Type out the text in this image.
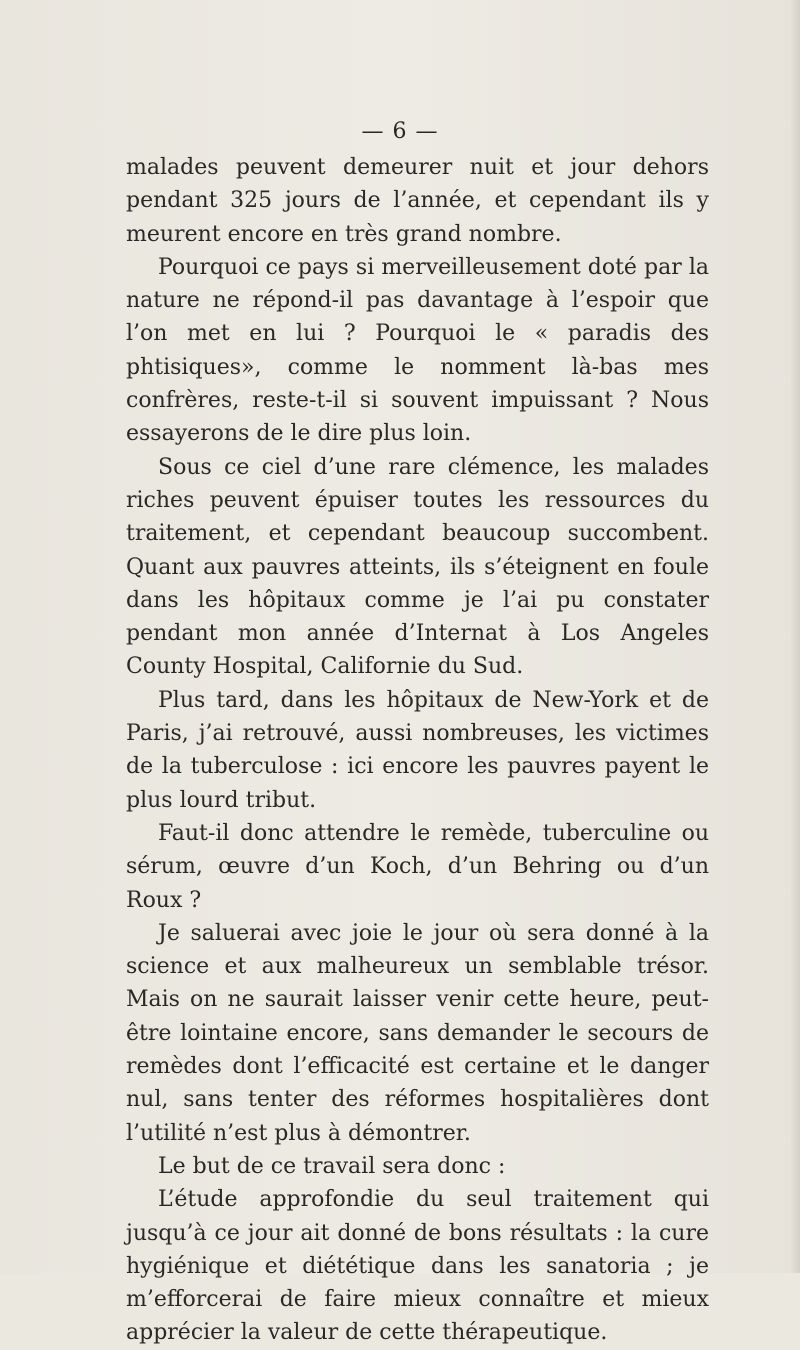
— 6 —

malades peuvent demeurer nuit et jour dehors pendant 325 jours de l’année, et cependant ils y meurent encore en très grand nombre.

Pourquoi ce pays si merveilleusement doté par la nature ne répond-il pas davantage à l’espoir que l’on met en lui ? Pourquoi le « paradis des phtisiques», comme le nomment là-bas mes confrères, reste-t-il si souvent impuissant ? Nous essayerons de le dire plus loin.

Sous ce ciel d’une rare clémence, les malades riches peuvent épuiser toutes les ressources du traitement, et cependant beaucoup succombent. Quant aux pauvres atteints, ils s’éteignent en foule dans les hôpitaux comme je l’ai pu constater pendant mon année d’Internat à Los Angeles County Hospital, Californie du Sud.

Plus tard, dans les hôpitaux de New-York et de Paris, j’ai retrouvé, aussi nombreuses, les victimes de la tuberculose : ici encore les pauvres payent le plus lourd tribut.

Faut-il donc attendre le remède, tuberculine ou sérum, œuvre d’un Koch, d’un Behring ou d’un Roux ?

Je saluerai avec joie le jour où sera donné à la science et aux malheureux un semblable trésor. Mais on ne saurait laisser venir cette heure, peut-être lointaine encore, sans demander le secours de remèdes dont l’efficacité est certaine et le danger nul, sans tenter des réformes hospitalières dont l’utilité n’est plus à démontrer.

Le but de ce travail sera donc :

L’étude approfondie du seul traitement qui jusqu’à ce jour ait donné de bons résultats : la cure hygiénique et diététique dans les sanatoria ; je m’efforcerai de faire mieux connaître et mieux apprécier la valeur de cette thérapeutique.
